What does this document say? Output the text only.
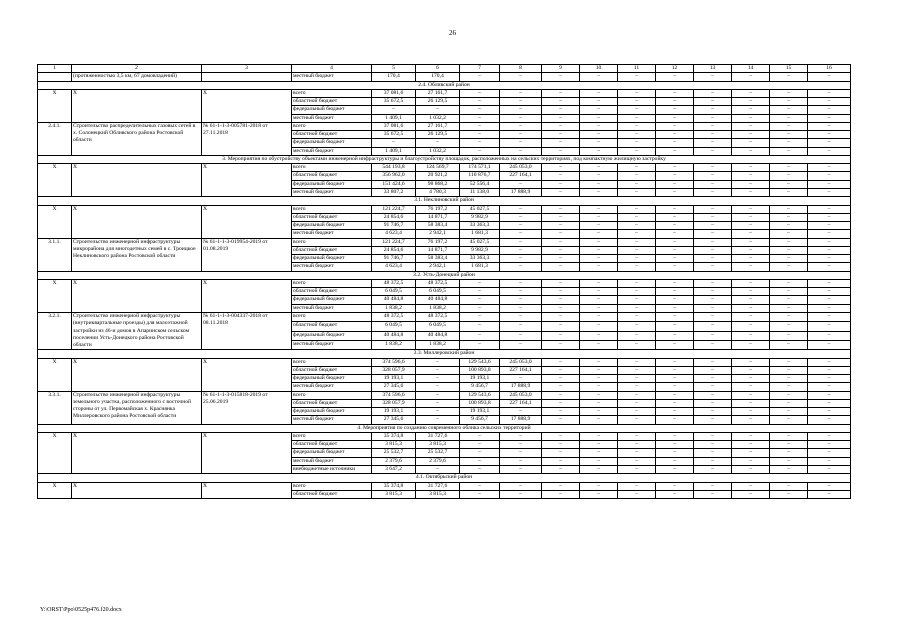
26
1	2	3	4	5	6	7	8	9	10	11	12	13	14	15	16
	(протяженностью 3,5 км, 67 домовладений)		местный бюджет	170,4	170,4	–	–	–	–	–	–	–	–	–	–
2.4. Обливский район															
Х	Х	Х	всего	37 081,6	27 161,7	–	–	–	–	–	–	–	–	–	–
			областной бюджет	35 672,5	26 129,5	–	–	–	–	–	–	–	–	–	–
			федеральный бюджет	–	–	–	–	–	–	–	–	–	–	–	–
			местный бюджет	1 409,1	1 032,2	–	–	–	–	–	–	–	–	–	–
2.4.1.	Строительство распределительных газовых сетей в х. Солонецкий Обливского района Ростовской области	№ 61-1-1-3-005781-2018 от 27.11.2018	всего	37 081,6	27 161,7	–	–	–	–	–	–	–	–	–	–
			областной бюджет	35 672,5	26 129,5	–	–	–	–	–	–	–	–	–	–
			федеральный бюджет	–	–	–	–	–	–	–	–	–	–	–	–
			местный бюджет	1 409,1	1 032,2	–	–	–	–	–	–	–	–	–	–
3. Мероприятия по обустройству объектами инженерной инфраструктуры и благоустройству площадок, расположенных на сельских территориях, под компактную жилищную застройку															
Х	Х	Х	всего	544 193,8	124 569,7	174 571,1	245 053,0	–	–	–	–	–	–	–	–
			областной бюджет	356 962,0	20 921,2	110 876,7	227 164,1	–	–	–	–	–	–	–	–
			федеральный бюджет	151 424,6	98 868,2	52 556,4	–	–	–	–	–	–	–	–	–
			местный бюджет	33 807,2	4 780,3	11 138,0	17 888,9	–	–	–	–	–	–	–	–
3.1. Неклиновский район															
Х	Х	Х	всего	121 224,7	76 197,2	45 027,5	–	–	–	–	–	–	–	–	–
			областной бюджет	24 854,6	14 871,7	9 982,9	–	–	–	–	–	–	–	–	–
			федеральный бюджет	91 746,7	58 383,4	33 363,3	–	–	–	–	–	–	–	–	–
			местный бюджет	4 623,4	2 942,1	1 681,3	–	–	–	–	–	–	–	–	–
3.1.1.	Строительство инженерной инфраструктуры микрорайона для многодетных семей в с. Троицкое Неклиновского района Ростовской области	№ 61-1-1-3-019954-2019 от 01.08.2019	всего	121 224,7	76 197,2	45 027,5	–	–	–	–	–	–	–	–	–
			областной бюджет	24 854,6	14 871,7	9 982,9	–	–	–	–	–	–	–	–	–
			федеральный бюджет	91 746,7	58 383,4	33 363,3	–	–	–	–	–	–	–	–	–
			местный бюджет	4 623,4	2 942,1	1 681,3	–	–	–	–	–	–	–	–	–
3.2. Усть-Донецкий район															
Х	Х	Х	всего	48 372,5	48 372,5	–	–	–	–	–	–	–	–	–	–
			областной бюджет	6 049,5	6 049,5	–	–	–	–	–	–	–	–	–	–
			федеральный бюджет	40 484,8	40 484,8	–	–	–	–	–	–	–	–	–	–
			местный бюджет	1 838,2	1 838,2	–	–	–	–	–	–	–	–	–	–
3.2.1.	Строительство инженерной инфраструктуры (внутриквартальные проезды) для малоэтажной застройки из 46-и домов в Апаринском сельском поселении Усть-Донецкого района Ростовской области	№ 61-1-1-3-004337-2018 от 08.11.2018	всего	48 372,5	48 372,5	–	–	–	–	–	–	–	–	–	–
			областной бюджет	6 049,5	6 049,5	–	–	–	–	–	–	–	–	–	–
			федеральный бюджет	40 484,8	40 484,8	–	–	–	–	–	–	–	–	–	–
			местный бюджет	1 838,2	1 838,2	–	–	–	–	–	–	–	–	–	–
3.3. Миллеровский район															
Х	Х	Х	всего	374 596,6	–	129 543,6	245 053,0	–	–	–	–	–	–	–	–
			областной бюджет	328 057,9	–	100 893,8	227 164,1	–	–	–	–	–	–	–	–
			федеральный бюджет	19 193,1	–	19 193,1	–	–	–	–	–	–	–	–	–
			местный бюджет	27 345,6	–	9 456,7	17 888,9	–	–	–	–	–	–	–	–
3.3.1.	Строительство инженерной инфраструктуры земельного участка, расположенного с восточной стороны от ул. Первомайская х. Краснянка Миллеровского района Ростовской области	№ 61-1-1-3-015818-2019 от 25.06.2019	всего	374 596,6	–	129 543,6	245 053,0	–	–	–	–	–	–	–	–
			областной бюджет	328 057,9	–	100 893,8	227 164,1	–	–	–	–	–	–	–	–
			федеральный бюджет	19 193,1	–	19 193,1	–	–	–	–	–	–	–	–	–
			местный бюджет	27 345,6	–	9 456,7	17 888,9	–	–	–	–	–	–	–	–
4. Мероприятия по созданию современного облика сельских территорий															
Х	Х	Х	всего	35 374,8	31 727,6	–	–	–	–	–	–	–	–	–	–
			областной бюджет	3 815,3	3 815,3	–	–	–	–	–	–	–	–	–	–
			федеральный бюджет	25 532,7	25 532,7	–	–	–	–	–	–	–	–	–	–
			местный бюджет	2 379,6	2 379,6	–	–	–	–	–	–	–	–	–	–
			внебюджетные источники	3 647,2	–	–	–	–	–	–	–	–	–	–	–
4.1. Октябрьский район															
Х	Х	Х	всего	35 374,8	31 727,6	–	–	–	–	–	–	–	–	–	–
			областной бюджет	3 815,3	3 815,3	–	–	–	–	–	–	–	–	–	–
Y:\ORST\Ppo\0525p476.f20.docx
